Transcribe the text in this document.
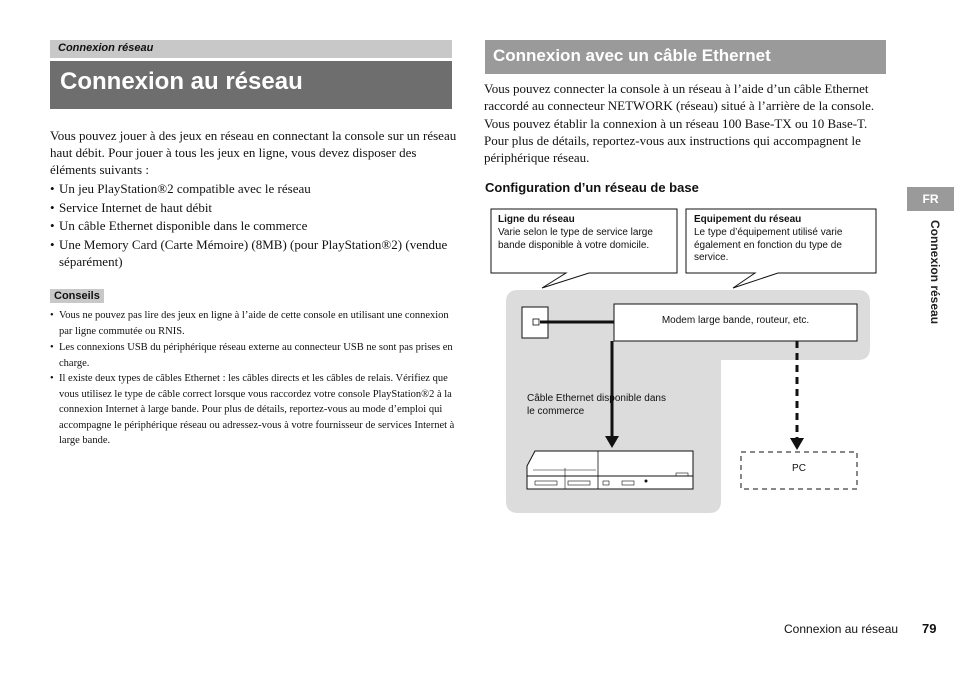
Connexion réseau
Connexion au réseau
Vous pouvez jouer à des jeux en réseau en connectant la console sur un réseau haut débit. Pour jouer à tous les jeux en ligne, vous devez disposer des éléments suivants :
• Un jeu PlayStation®2 compatible avec le réseau
• Service Internet de haut débit
• Un câble Ethernet disponible dans le commerce
• Une Memory Card (Carte Mémoire) (8MB) (pour PlayStation®2) (vendue séparément)
Conseils
• Vous ne pouvez pas lire des jeux en ligne à l’aide de cette console en utilisant une connexion par ligne commutée ou RNIS.
• Les connexions USB du périphérique réseau externe au connecteur USB ne sont pas prises en charge.
• Il existe deux types de câbles Ethernet : les câbles directs et les câbles de relais. Vérifiez que vous utilisez le type de câble correct lorsque vous raccordez votre console PlayStation®2 à la connexion Internet à large bande. Pour plus de détails, reportez-vous au mode d’emploi qui accompagne le périphérique réseau ou adressez-vous à votre fournisseur de services Internet à large bande.
Connexion avec un câble Ethernet
Vous pouvez connecter la console à un réseau à l’aide d’un câble Ethernet raccordé au connecteur NETWORK (réseau) situé à l’arrière de la console. Vous pouvez établir la connexion à un réseau 100 Base-TX ou 10 Base-T. Pour plus de détails, reportez-vous aux instructions qui accompagnent le périphérique réseau.
Configuration d’un réseau de base
Ligne du réseau
Varie selon le type de service large bande disponible à votre domicile.
Equipement du réseau
Le type d’équipement utilisé varie également en fonction du type de service.
Modem large bande, routeur, etc.
Câble Ethernet disponible dans le commerce
PC
FR
Connexion réseau
Connexion au réseau 79
